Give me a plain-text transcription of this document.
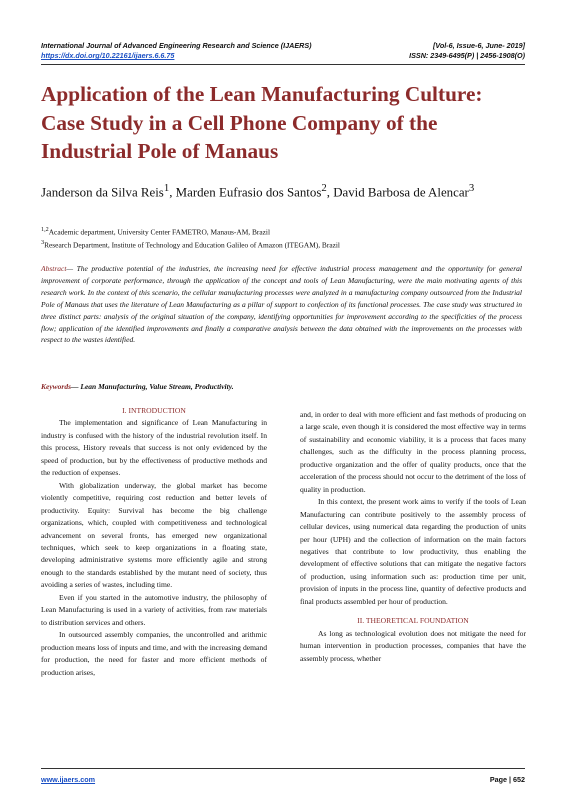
International Journal of Advanced Engineering Research and Science (IJAERS)	[Vol-6, Issue-6, June- 2019]
https://dx.doi.org/10.22161/ijaers.6.6.75	ISSN: 2349-6495(P) | 2456-1908(O)
Application of the Lean Manufacturing Culture: Case Study in a Cell Phone Company of the Industrial Pole of Manaus
Janderson da Silva Reis$^1$, Marden Eufrasio dos Santos$^2$, David Barbosa de Alencar$^3$
$^{1,2}$Academic department, University Center FAMETRO, Manaus-AM, Brazil
$^3$Research Department, Institute of Technology and Education Galileo of Amazon (ITEGAM), Brazil
Abstract— The productive potential of the industries, the increasing need for effective industrial process management and the opportunity for general improvement of corporate performance, through the application of the concept and tools of Lean Manufacturing, were the main motivating agents of this research work. In the context of this scenario, the cellular manufacturing processes were analyzed in a manufacturing company outsourced from the Industrial Pole of Manaus that uses the literature of Lean Manufacturing as a pillar of support to confection of its functional processes. The case study was structured in three distinct parts: analysis of the original situation of the company, identifying opportunities for improvement according to the specificities of the process flow; application of the identified improvements and finally a comparative analysis between the data obtained with the improvements on the processes with respect to the wastes identified.
Keywords— Lean Manufacturing, Value Stream, Productivity.
I. INTRODUCTION

The implementation and significance of Lean Manufacturing in industry is confused with the history of the industrial revolution itself. In this process, History reveals that success is not only evidenced by the speed of production, but by the effectiveness of productive methods and the reduction of expenses.

With globalization underway, the global market has become violently competitive, requiring cost reduction and better levels of productivity. Equity: Survival has become the big challenge organizations, which, coupled with competitiveness and technological advancement on several fronts, has emerged new organizational techniques, which seek to keep organizations in a floating state, developing administrative systems more efficiently agile and strong enough to the standards established by the mutant need of society, thus avoiding a series of wastes, including time.

Even if you started in the automotive industry, the philosophy of Lean Manufacturing is used in a variety of activities, from raw materials to distribution services and others.

In outsourced assembly companies, the uncontrolled and arithmic production means loss of inputs and time, and with the increasing demand for production, the need for faster and more efficient methods of production arises,

and, in order to deal with more efficient and fast methods of producing on a large scale, even though it is considered the most effective way in terms of sustainability and economic viability, it is a process that faces many challenges, such as the difficulty in the process planning process, productive organization and the offer of quality products, once that the acceleration of the process should not occur to the detriment of the loss of quality in production.

In this context, the present work aims to verify if the tools of Lean Manufacturing can contribute positively to the assembly process of cellular devices, using numerical data regarding the production of units per hour (UPH) and the collection of information on the main factors negatives that contribute to low productivity, thus enabling the development of effective solutions that can mitigate the negative factors of production, using information such as: production time per unit, provision of inputs in the process line, quantity of defective products and final products assembled per hour of production.

II. THEORETICAL FOUNDATION

As long as technological evolution does not mitigate the need for human intervention in production processes, companies that have the assembly process, whether

www.ijaers.com	Page | 652
